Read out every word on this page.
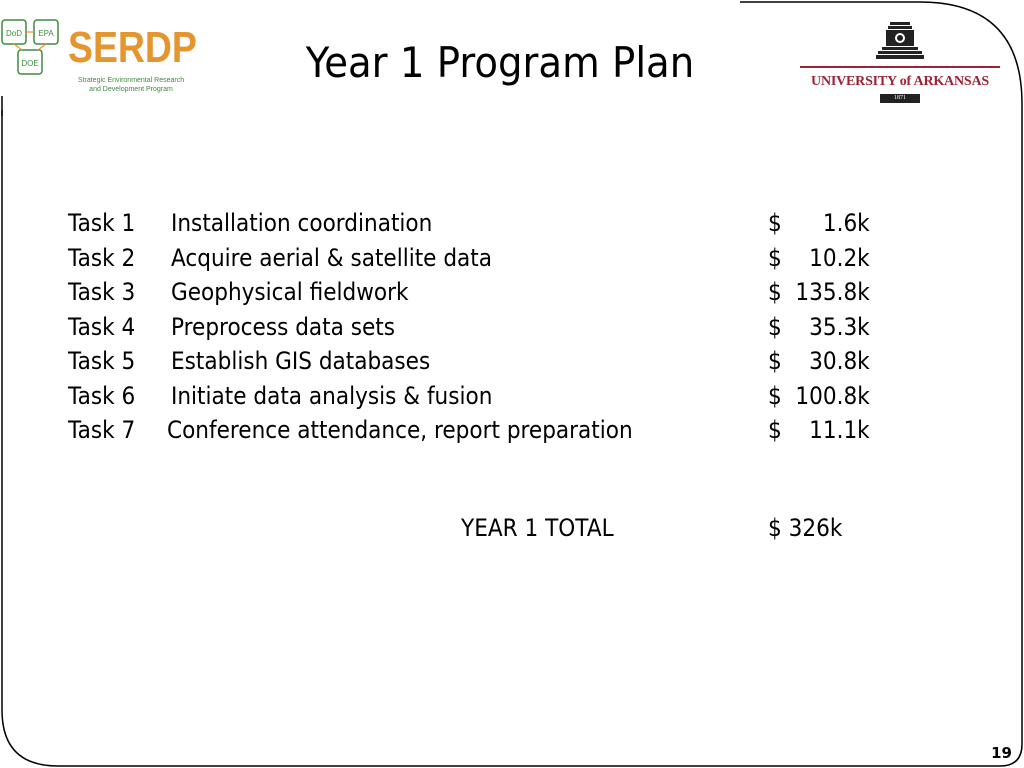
DoD EPA
DOE SERDP
Strategic Environmental Research
and Development Program
Year 1 Program Plan	UNIVERSITY of ARKANSAS
1871
Task 1 Installation coordination	$ 1.6k
Task 2 Acquire aerial & satellite data	$ 10.2k
Task 3 Geophysical fieldwork	$ 135.8k
Task 4 Preprocess data sets	$ 35.3k
Task 5 Establish GIS databases	$ 30.8k
Task 6 Initiate data analysis & fusion	$ 100.8k
Task 7 Conference attendance, report preparation	$ 11.1k
YEAR 1 TOTAL	$ 326k
19
